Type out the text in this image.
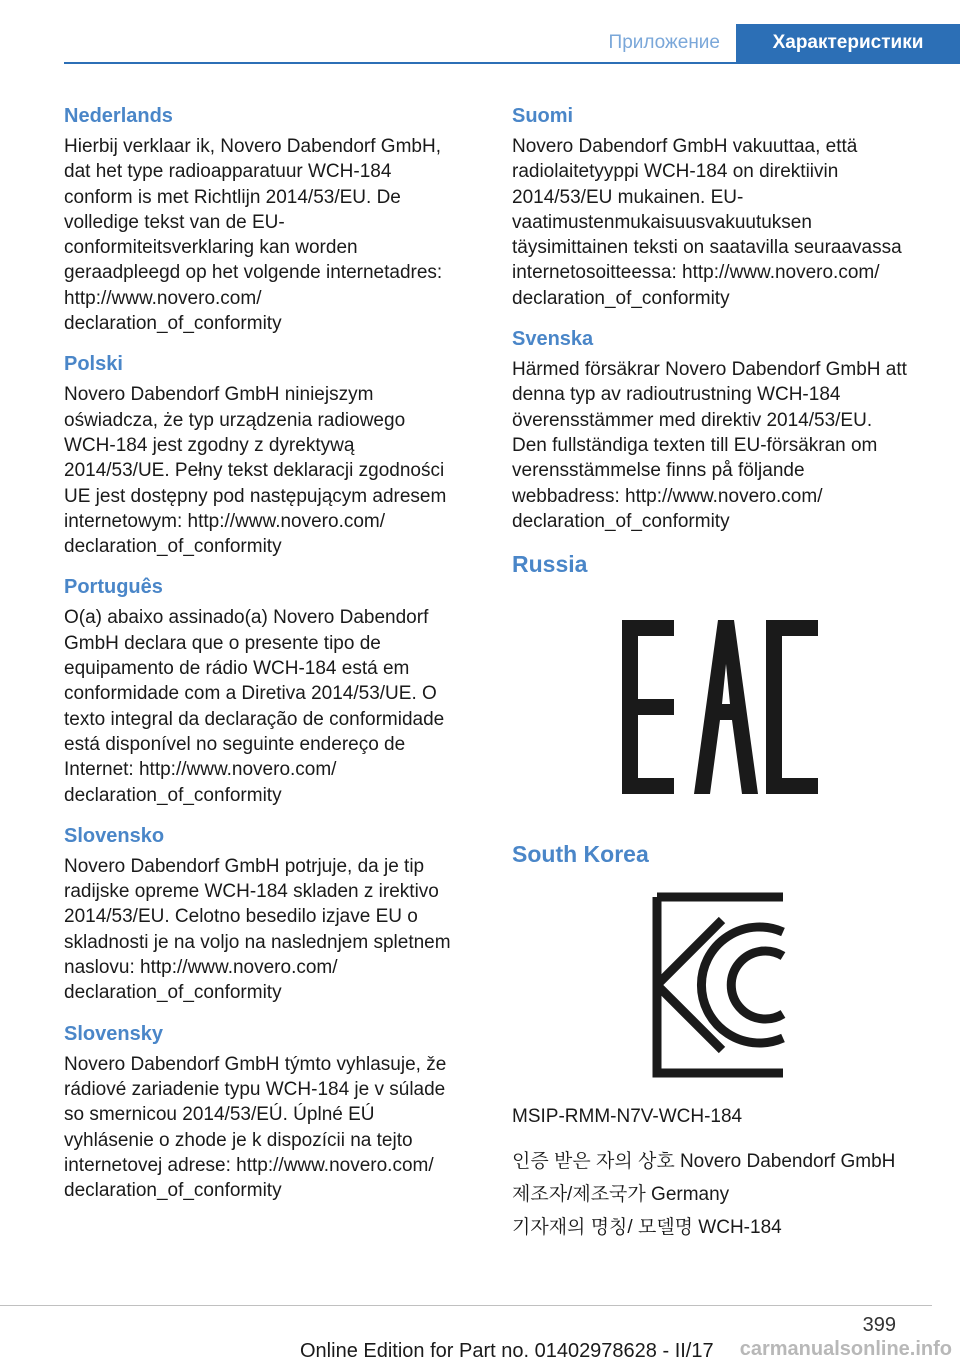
Приложение	Характеристики
Nederlands
Hierbij verklaar ik, Novero Dabendorf GmbH,
dat het type radioapparatuur WCH-184
conform is met Richtlijn 2014/53/EU. De
volledige tekst van de EU-
conformiteitsverklaring kan worden
geraadpleegd op het volgende internetadres:
http://www.novero.com/
declaration_of_conformity
Polski
Novero Dabendorf GmbH niniejszym
oświadcza, że typ urządzenia radiowego
WCH-184 jest zgodny z dyrektywą
2014/53/UE. Pełny tekst deklaracji zgodności
UE jest dostępny pod następującym adresem
internetowym: http://www.novero.com/
declaration_of_conformity
Português
O(a) abaixo assinado(a) Novero Dabendorf
GmbH declara que o presente tipo de
equipamento de rádio WCH-184 está em
conformidade com a Diretiva 2014/53/UE. O
texto integral da declaração de conformidade
está disponível no seguinte endereço de
Internet: http://www.novero.com/
declaration_of_conformity
Slovensko
Novero Dabendorf GmbH potrjuje, da je tip
radijske opreme WCH-184 skladen z irektivo
2014/53/EU. Celotno besedilo izjave EU o
skladnosti je na voljo na naslednjem spletnem
naslovu: http://www.novero.com/
declaration_of_conformity
Slovensky
Novero Dabendorf GmbH týmto vyhlasuje, že
rádiové zariadenie typu WCH-184 je v súlade
so smernicou 2014/53/EÚ. Úplné EÚ
vyhlásenie o zhode je k dispozícii na tejto
internetovej adrese: http://www.novero.com/
declaration_of_conformity
Suomi
Novero Dabendorf GmbH vakuuttaa, että
radiolaitetyyppi WCH-184 on direktiivin
2014/53/EU mukainen. EU-
vaatimustenmukaisuusvakuutuksen
täysimittainen teksti on saatavilla seuraavassa
internetosoitteessa: http://www.novero.com/
declaration_of_conformity
Svenska
Härmed försäkrar Novero Dabendorf GmbH att
denna typ av radioutrustning WCH-184
överensstämmer med direktiv 2014/53/EU.
Den fullständiga texten till EU-försäkran om
verensstämmelse finns på följande
webbadress: http://www.novero.com/
declaration_of_conformity
Russia
South Korea
MSIP-RMM-N7V-WCH-184
인증 받은 자의 상호 Novero Dabendorf GmbH
제조자/제조국가 Germany
기자재의 명칭/ 모델명 WCH-184
399
Online Edition for Part no. 01402978628 - II/17 carmanualsonline.info
